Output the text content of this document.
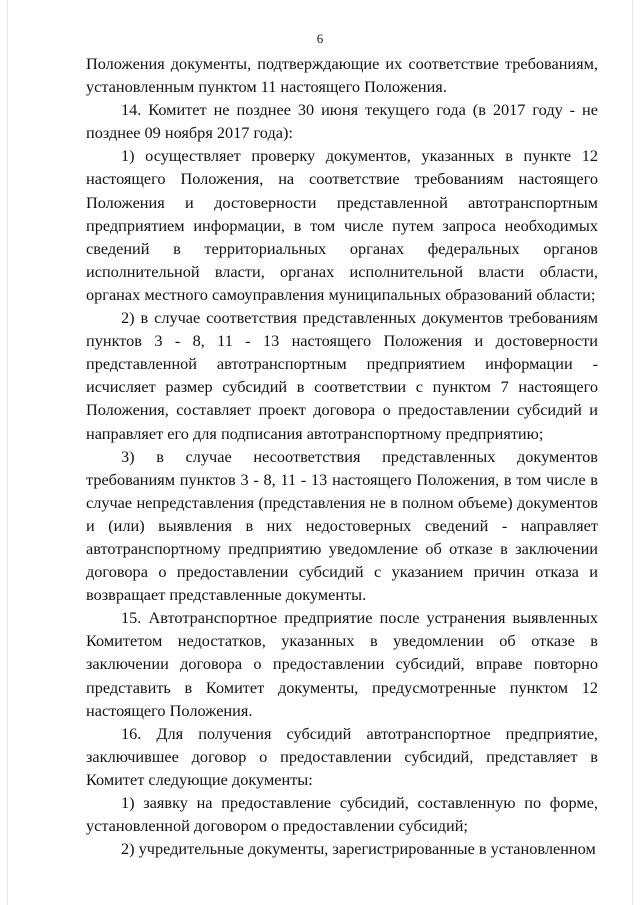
6

Положения документы, подтверждающие их соответствие требованиям, установленным пунктом 11 настоящего Положения.

14. Комитет не позднее 30 июня текущего года (в 2017 году - не позднее 09 ноября 2017 года):

1) осуществляет проверку документов, указанных в пункте 12 настоящего Положения, на соответствие требованиям настоящего Положения и достоверности представленной автотранспортным предприятием информации, в том числе путем запроса необходимых сведений в территориальных органах федеральных органов исполнительной власти, органах исполнительной власти области, органах местного самоуправления муниципальных образований области;

2) в случае соответствия представленных документов требованиям пунктов 3 - 8, 11 - 13 настоящего Положения и достоверности представленной автотранспортным предприятием информации - исчисляет размер субсидий в соответствии с пунктом 7 настоящего Положения, составляет проект договора о предоставлении субсидий и направляет его для подписания автотранспортному предприятию;

3) в случае несоответствия представленных документов требованиям пунктов 3 - 8, 11 - 13 настоящего Положения, в том числе в случае непредставления (представления не в полном объеме) документов и (или) выявления в них недостоверных сведений - направляет автотранспортному предприятию уведомление об отказе в заключении договора о предоставлении субсидий с указанием причин отказа и возвращает представленные документы.

15. Автотранспортное предприятие после устранения выявленных Комитетом недостатков, указанных в уведомлении об отказе в заключении договора о предоставлении субсидий, вправе повторно представить в Комитет документы, предусмотренные пунктом 12 настоящего Положения.

16. Для получения субсидий автотранспортное предприятие, заключившее договор о предоставлении субсидий, представляет в Комитет следующие документы:

1) заявку на предоставление субсидий, составленную по форме, установленной договором о предоставлении субсидий;

2) учредительные документы, зарегистрированные в установленном
